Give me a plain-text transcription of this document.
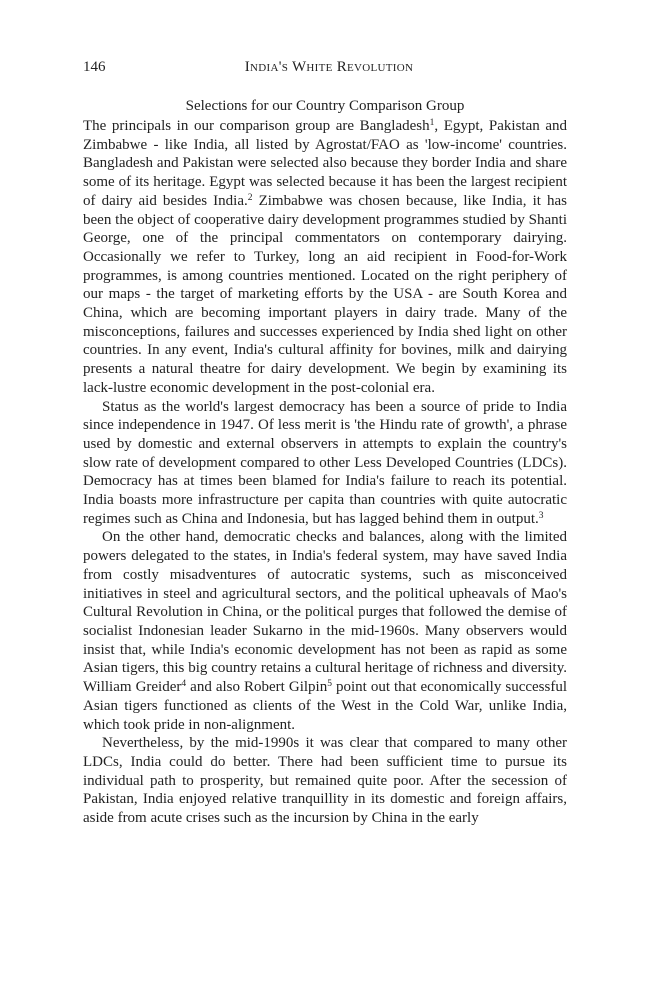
146	India's White Revolution
Selections for our Country Comparison Group

The principals in our comparison group are Bangladesh$^1$, Egypt, Pakistan and Zimbabwe - like India, all listed by Agrostat/FAO as 'low-income' countries. Bangladesh and Pakistan were selected also because they border India and share some of its heritage. Egypt was selected because it has been the largest recipient of dairy aid besides India.$^2$ Zimbabwe was chosen because, like India, it has been the object of cooperative dairy development programmes studied by Shanti George, one of the principal commentators on contemporary dairying. Occasionally we refer to Turkey, long an aid recipient in Food-for-Work programmes, is among countries mentioned. Located on the right periphery of our maps - the target of marketing efforts by the USA - are South Korea and China, which are becoming important players in dairy trade. Many of the misconceptions, failures and successes experienced by India shed light on other countries. In any event, India's cultural affinity for bovines, milk and dairying presents a natural theatre for dairy development. We begin by examining its lack-lustre economic development in the post-colonial era.

Status as the world's largest democracy has been a source of pride to India since independence in 1947. Of less merit is 'the Hindu rate of growth', a phrase used by domestic and external observers in attempts to explain the country's slow rate of development compared to other Less Developed Countries (LDCs). Democracy has at times been blamed for India's failure to reach its potential. India boasts more infrastructure per capita than countries with quite autocratic regimes such as China and Indonesia, but has lagged behind them in output.$^3$

On the other hand, democratic checks and balances, along with the limited powers delegated to the states, in India's federal system, may have saved India from costly misadventures of autocratic systems, such as misconceived initiatives in steel and agricultural sectors, and the political upheavals of Mao's Cultural Revolution in China, or the political purges that followed the demise of socialist Indonesian leader Sukarno in the mid-1960s. Many observers would insist that, while India's economic development has not been as rapid as some Asian tigers, this big country retains a cultural heritage of richness and diversity. William Greider$^4$ and also Robert Gilpin$^5$ point out that economically successful Asian tigers functioned as clients of the West in the Cold War, unlike India, which took pride in non-alignment.

Nevertheless, by the mid-1990s it was clear that compared to many other LDCs, India could do better. There had been sufficient time to pursue its individual path to prosperity, but remained quite poor. After the secession of Pakistan, India enjoyed relative tranquillity in its domestic and foreign affairs, aside from acute crises such as the incursion by China in the early
